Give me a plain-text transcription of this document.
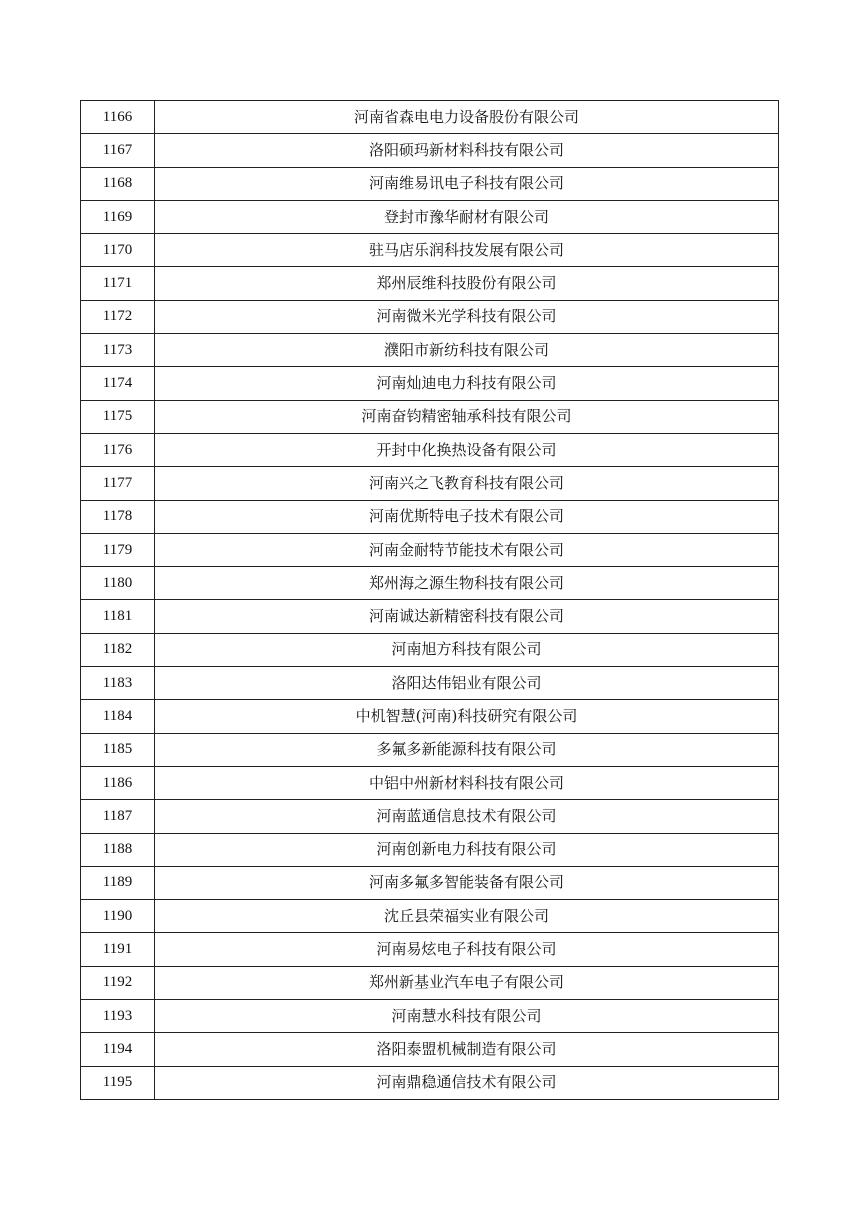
1166	河南省森电电力设备股份有限公司
1167	洛阳硕玛新材料科技有限公司
1168	河南维易讯电子科技有限公司
1169	登封市豫华耐材有限公司
1170	驻马店乐润科技发展有限公司
1171	郑州辰维科技股份有限公司
1172	河南微米光学科技有限公司
1173	濮阳市新纺科技有限公司
1174	河南灿迪电力科技有限公司
1175	河南奋钧精密轴承科技有限公司
1176	开封中化换热设备有限公司
1177	河南兴之飞教育科技有限公司
1178	河南优斯特电子技术有限公司
1179	河南金耐特节能技术有限公司
1180	郑州海之源生物科技有限公司
1181	河南诚达新精密科技有限公司
1182	河南旭方科技有限公司
1183	洛阳达伟铝业有限公司
1184	中机智慧(河南)科技研究有限公司
1185	多氟多新能源科技有限公司
1186	中铝中州新材料科技有限公司
1187	河南蓝通信息技术有限公司
1188	河南创新电力科技有限公司
1189	河南多氟多智能装备有限公司
1190	沈丘县荣福实业有限公司
1191	河南易炫电子科技有限公司
1192	郑州新基业汽车电子有限公司
1193	河南慧水科技有限公司
1194	洛阳泰盟机械制造有限公司
1195	河南鼎稳通信技术有限公司
